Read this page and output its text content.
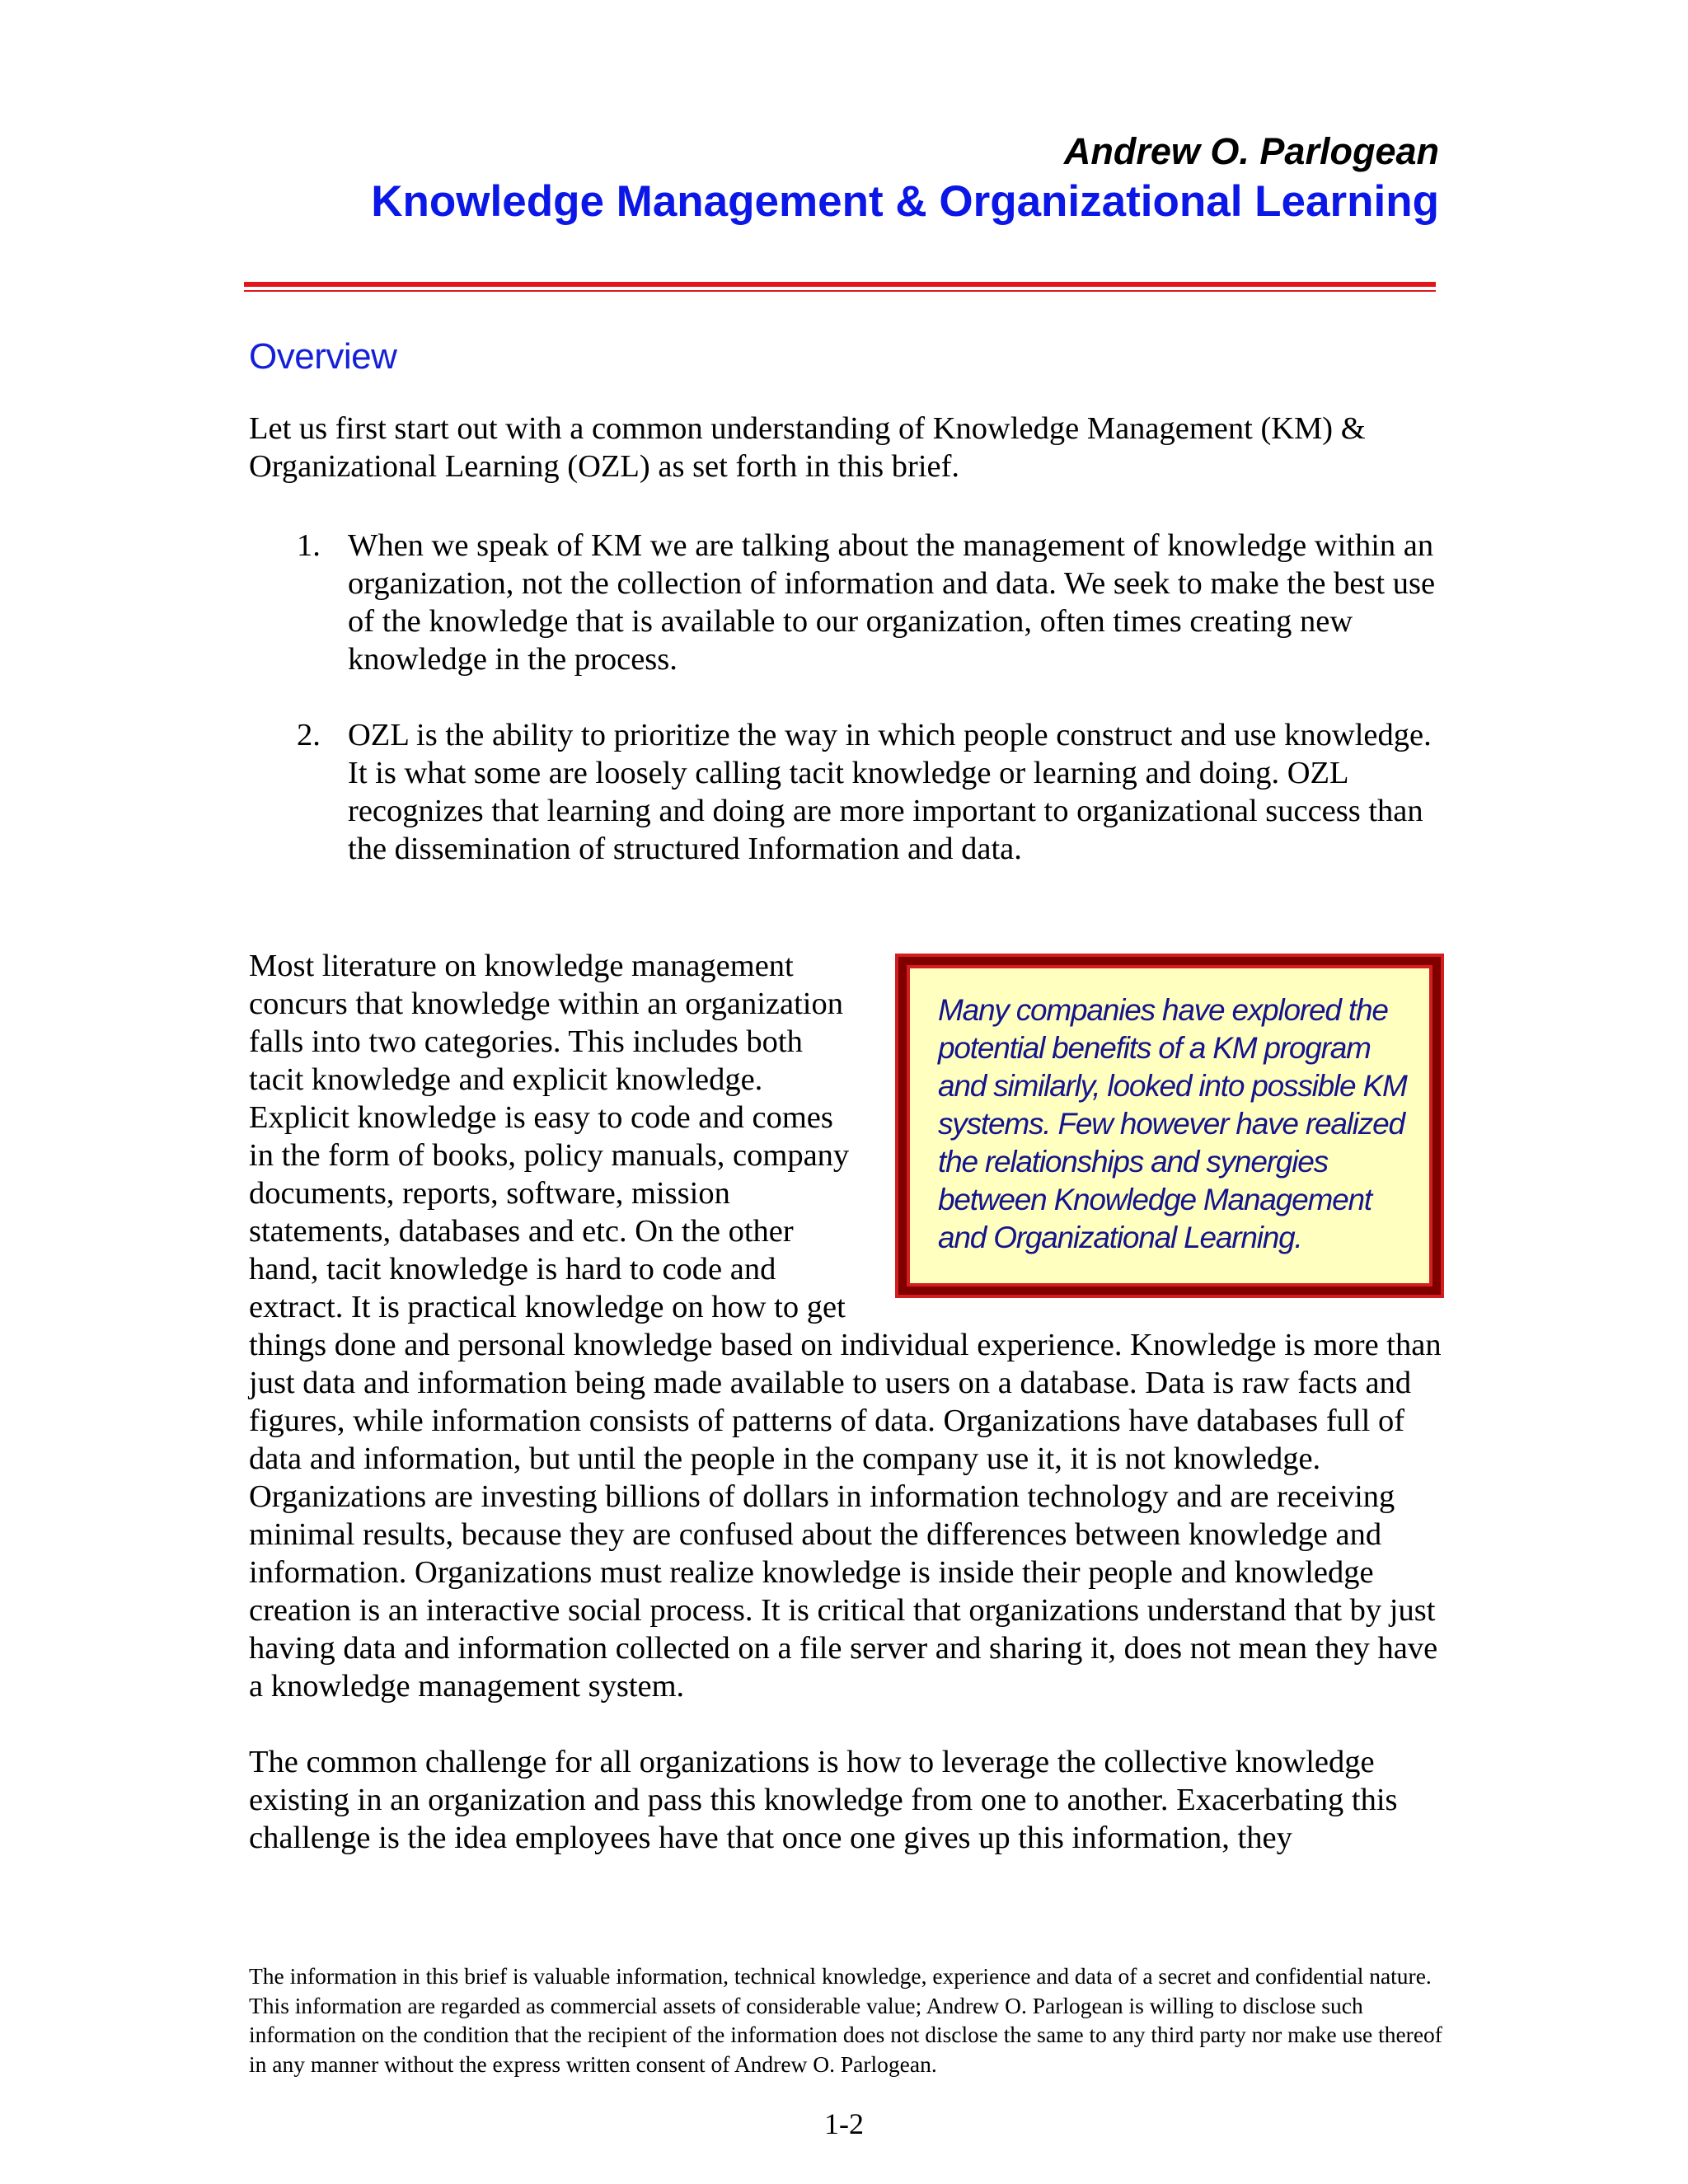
Andrew O. Parlogean
Knowledge Management & Organizational Learning
Overview

Let us first start out with a common understanding of Knowledge Management (KM) & Organizational Learning (OZL) as set forth in this brief.

1. When we speak of KM we are talking about the management of knowledge within an organization, not the collection of information and data. We seek to make the best use of the knowledge that is available to our organization, often times creating new knowledge in the process.

2. OZL is the ability to prioritize the way in which people construct and use knowledge. It is what some are loosely calling tacit knowledge or learning and doing. OZL recognizes that learning and doing are more important to organizational success than the dissemination of structured Information and data.

Many companies have explored the potential benefits of a KM program and similarly, looked into possible KM systems. Few however have realized the relationships and synergies between Knowledge Management and Organizational Learning.

Most literature on knowledge management concurs that knowledge within an organization falls into two categories. This includes both tacit knowledge and explicit knowledge. Explicit knowledge is easy to code and comes in the form of books, policy manuals, company documents, reports, software, mission statements, databases and etc. On the other hand, tacit knowledge is hard to code and extract. It is practical knowledge on how to get things done and personal knowledge based on individual experience. Knowledge is more than just data and information being made available to users on a database. Data is raw facts and figures, while information consists of patterns of data. Organizations have databases full of data and information, but until the people in the company use it, it is not knowledge. Organizations are investing billions of dollars in information technology and are receiving minimal results, because they are confused about the differences between knowledge and information. Organizations must realize knowledge is inside their people and knowledge creation is an interactive social process. It is critical that organizations understand that by just having data and information collected on a file server and sharing it, does not mean they have a knowledge management system.

The common challenge for all organizations is how to leverage the collective knowledge existing in an organization and pass this knowledge from one to another. Exacerbating this challenge is the idea employees have that once one gives up this information, they

The information in this brief is valuable information, technical knowledge, experience and data of a secret and confidential nature. This information are regarded as commercial assets of considerable value; Andrew O. Parlogean is willing to disclose such information on the condition that the recipient of the information does not disclose the same to any third party nor make use thereof in any manner without the express written consent of Andrew O. Parlogean.

1-2
